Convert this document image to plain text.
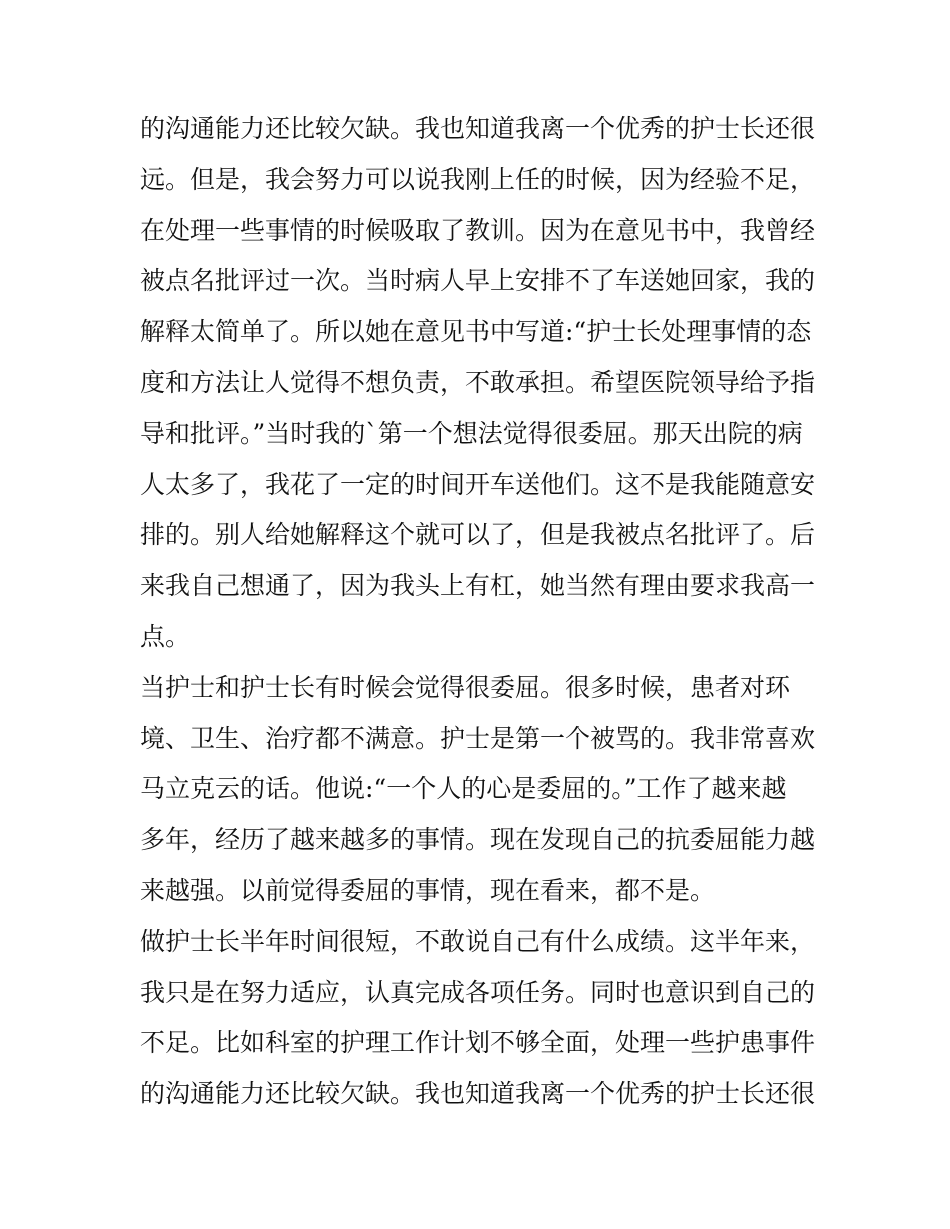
的沟通能力还比较欠缺。我也知道我离一个优秀的护士长还很
远。但是，我会努力可以说我刚上任的时候，因为经验不足，
在处理一些事情的时候吸取了教训。因为在意见书中，我曾经
被点名批评过一次。当时病人早上安排不了车送她回家，我的
解释太简单了。所以她在意见书中写道:“护士长处理事情的态
度和方法让人觉得不想负责，不敢承担。希望医院领导给予指
导和批评。”当时我的`第一个想法觉得很委屈。那天出院的病
人太多了，我花了一定的时间开车送他们。这不是我能随意安
排的。别人给她解释这个就可以了，但是我被点名批评了。后
来我自己想通了，因为我头上有杠，她当然有理由要求我高一
点。
当护士和护士长有时候会觉得很委屈。很多时候，患者对环
境、卫生、治疗都不满意。护士是第一个被骂的。我非常喜欢
马立克云的话。他说:“一个人的心是委屈的。”工作了越来越
多年，经历了越来越多的事情。现在发现自己的抗委屈能力越
来越强。以前觉得委屈的事情，现在看来，都不是。
做护士长半年时间很短，不敢说自己有什么成绩。这半年来，
我只是在努力适应，认真完成各项任务。同时也意识到自己的
不足。比如科室的护理工作计划不够全面，处理一些护患事件
的沟通能力还比较欠缺。我也知道我离一个优秀的护士长还很
